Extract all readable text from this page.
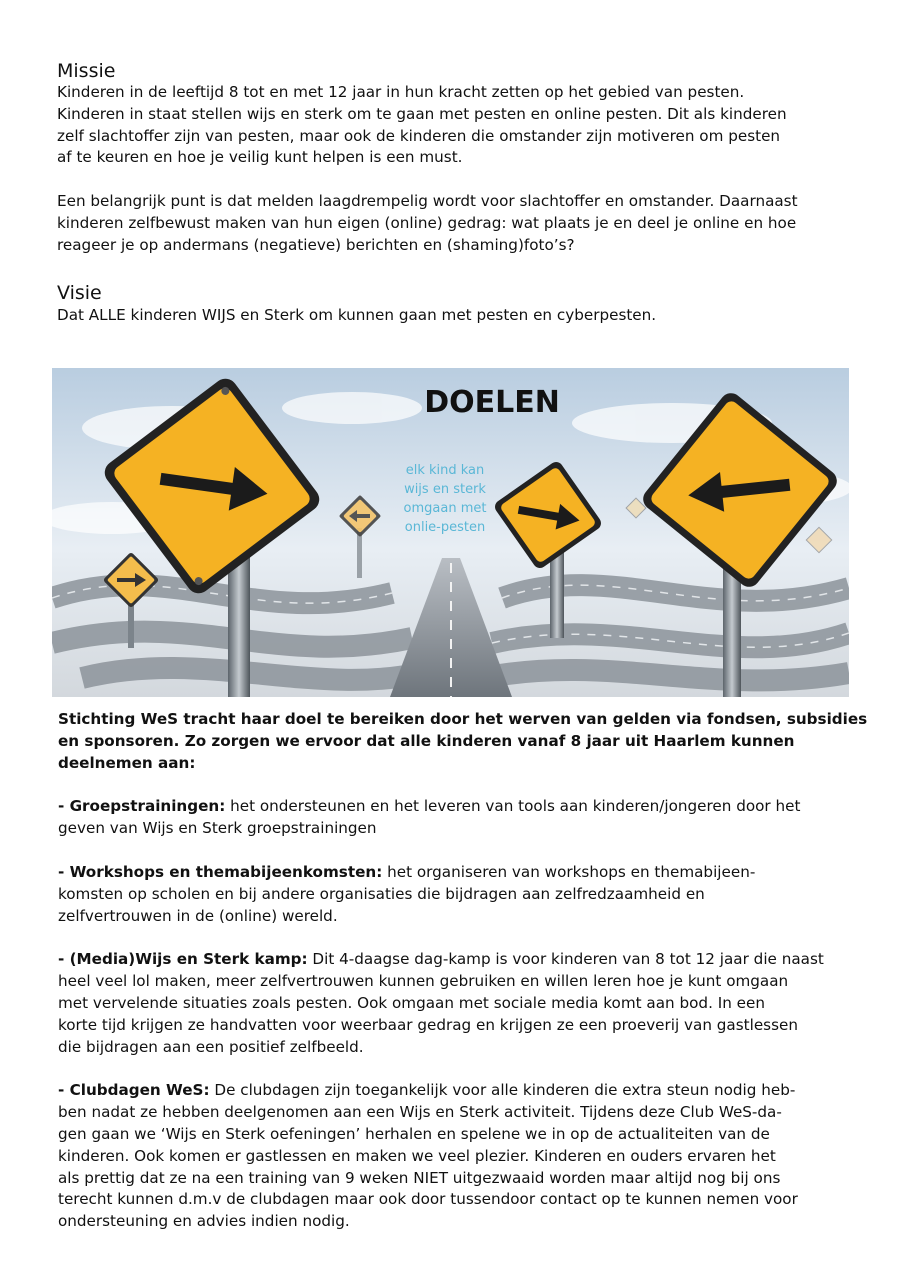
Missie
Kinderen in de leeftijd 8 tot en met 12 jaar in hun kracht zetten op het gebied van pesten.
Kinderen in staat stellen wijs en sterk om te gaan met pesten en online pesten. Dit als kinderen
zelf slachtoffer zijn van pesten, maar ook de kinderen die omstander zijn motiveren om pesten
af te keuren en hoe je veilig kunt helpen is een must.
Een belangrijk punt is dat melden laagdrempelig wordt voor slachtoffer en omstander. Daarnaast
kinderen zelfbewust maken van hun eigen (online) gedrag: wat plaats je en deel je online en hoe
reageer je op andermans (negatieve) berichten en (shaming)foto’s?
Visie
Dat ALLE kinderen WIJS en Sterk om kunnen gaan met pesten en cyberpesten.
DOELEN
elk kind kan
wijs en sterk
omgaan met
onlie-pesten
Stichting WeS tracht haar doel te bereiken door het werven van gelden via fondsen, subsidies
en sponsoren. Zo zorgen we ervoor dat alle kinderen vanaf 8 jaar uit Haarlem kunnen
deelnemen aan:
- Groepstrainingen: het ondersteunen en het leveren van tools aan kinderen/jongeren door het
geven van Wijs en Sterk groepstrainingen
- Workshops en themabijeenkomsten: het organiseren van workshops en themabijeen-
komsten op scholen en bij andere organisaties die bijdragen aan zelfredzaamheid en
zelfvertrouwen in de (online) wereld.
- (Media)Wijs en Sterk kamp: Dit 4-daagse dag-kamp is voor kinderen van 8 tot 12 jaar die naast
heel veel lol maken, meer zelfvertrouwen kunnen gebruiken en willen leren hoe je kunt omgaan
met vervelende situaties zoals pesten. Ook omgaan met sociale media komt aan bod. In een
korte tijd krijgen ze handvatten voor weerbaar gedrag en krijgen ze een proeverij van gastlessen
die bijdragen aan een positief zelfbeeld.
- Clubdagen WeS: De clubdagen zijn toegankelijk voor alle kinderen die extra steun nodig heb-
ben nadat ze hebben deelgenomen aan een Wijs en Sterk activiteit. Tijdens deze Club WeS-da-
gen gaan we ‘Wijs en Sterk oefeningen’ herhalen en spelene we in op de actualiteiten van de
kinderen. Ook komen er gastlessen en maken we veel plezier. Kinderen en ouders ervaren het
als prettig dat ze na een training van 9 weken NIET uitgezwaaid worden maar altijd nog bij ons
terecht kunnen d.m.v de clubdagen maar ook door tussendoor contact op te kunnen nemen voor
ondersteuning en advies indien nodig.
